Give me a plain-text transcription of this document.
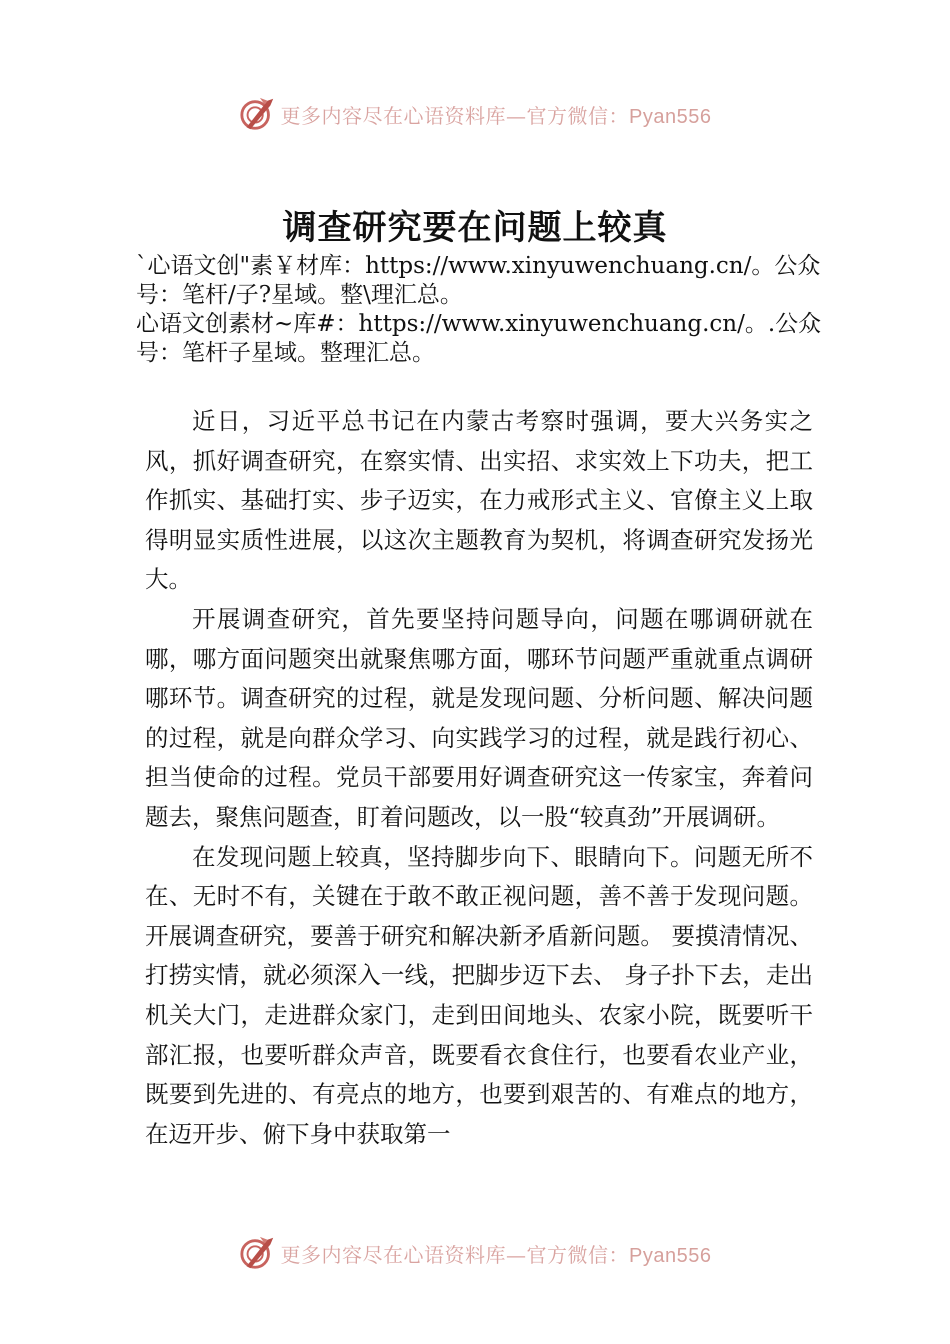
更多内容尽在心语资料库—官方微信：Pyan556
调查研究要在问题上较真

`心语文创"素￥材库：https://www.xinyuwenchuang.cn/。公众号：笔杆/子?星域。整\理汇总。

心语文创素材~库#：https://www.xinyuwenchuang.cn/。.公众号：笔杆子星域。整理汇总。

近日，习近平总书记在内蒙古考察时强调，要大兴务实之风，抓好调查研究，在察实情、出实招、求实效上下功夫，把工作抓实、基础打实、步子迈实，在力戒形式主义、官僚主义上取得明显实质性进展，以这次主题教育为契机，将调查研究发扬光大。

开展调查研究，首先要坚持问题导向，问题在哪调研就在哪，哪方面问题突出就聚焦哪方面，哪环节问题严重就重点调研哪环节。调查研究的过程，就是发现问题、分析问题、解决问题的过程，就是向群众学习、向实践学习的过程，就是践行初心、担当使命的过程。党员干部要用好调查研究这一传家宝，奔着问题去，聚焦问题查，盯着问题改，以一股“较真劲”开展调研。

在发现问题上较真，坚持脚步向下、眼睛向下。问题无所不在、无时不有，关键在于敢不敢正视问题，善不善于发现问题。开展调查研究，要善于研究和解决新矛盾新问题。 要摸清情况、打捞实情，就必须深入一线，把脚步迈下去、 身子扑下去，走出机关大门，走进群众家门，走到田间地头、农家小院，既要听干部汇报，也要听群众声音，既要看衣食住行，也要看农业产业，既要到先进的、有亮点的地方，也要到艰苦的、有难点的地方，在迈开步、俯下身中获取第一

更多内容尽在心语资料库—官方微信：Pyan556
